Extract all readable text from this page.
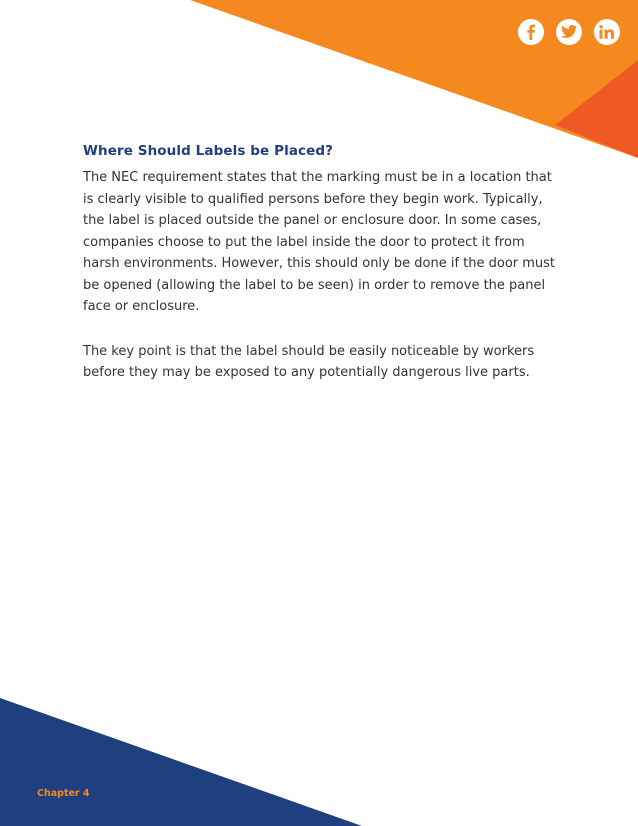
Where Should Labels be Placed?

The NEC requirement states that the marking must be in a location that is clearly visible to qualified persons before they begin work. Typically, the label is placed outside the panel or enclosure door. In some cases, companies choose to put the label inside the door to protect it from harsh environments. However, this should only be done if the door must be opened (allowing the label to be seen) in order to remove the panel face or enclosure.

The key point is that the label should be easily noticeable by workers before they may be exposed to any potentially dangerous live parts.

Chapter 4 / 15
